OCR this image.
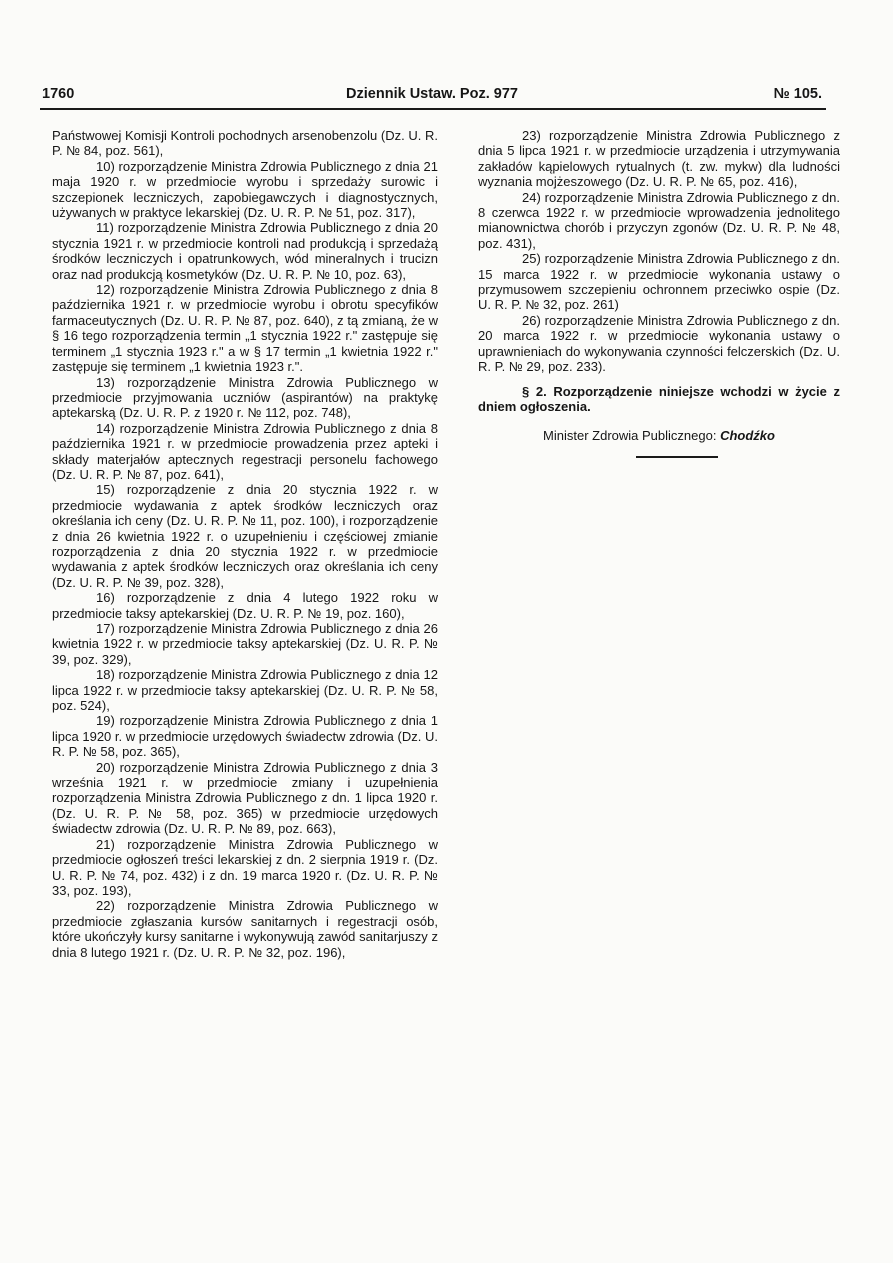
1760	Dziennik Ustaw. Poz. 977	№ 105.

Państwowej Komisji Kontroli pochodnych arsenobenzolu (Dz. U. R. P. № 84, poz. 561),

10) rozporządzenie Ministra Zdrowia Publicznego z dnia 21 maja 1920 r. w przedmiocie wyrobu i sprzedaży surowic i szczepionek leczniczych, zapobiegawczych i diagnostycznych, używanych w praktyce lekarskiej (Dz. U. R. P. № 51, poz. 317),

11) rozporządzenie Ministra Zdrowia Publicznego z dnia 20 stycznia 1921 r. w przedmiocie kontroli nad produkcją i sprzedażą środków leczniczych i opatrunkowych, wód mineralnych i trucizn oraz nad produkcją kosmetyków (Dz. U. R. P. № 10, poz. 63),

12) rozporządzenie Ministra Zdrowia Publicznego z dnia 8 października 1921 r. w przedmiocie wyrobu i obrotu specyfików farmaceutycznych (Dz. U. R. P. № 87, poz. 640), z tą zmianą, że w § 16 tego rozporządzenia termin „1 stycznia 1922 r." zastępuje się terminem „1 stycznia 1923 r." a w § 17 termin „1 kwietnia 1922 r." zastępuje się terminem „1 kwietnia 1923 r.".

13) rozporządzenie Ministra Zdrowia Publicznego w przedmiocie przyjmowania uczniów (aspirantów) na praktykę aptekarską (Dz. U. R. P. z 1920 r. № 112, poz. 748),

14) rozporządzenie Ministra Zdrowia Publicznego z dnia 8 października 1921 r. w przedmiocie prowadzenia przez apteki i składy materjałów aptecznych regestracji personelu fachowego (Dz. U. R. P. № 87, poz. 641),

15) rozporządzenie z dnia 20 stycznia 1922 r. w przedmiocie wydawania z aptek środków leczniczych oraz określania ich ceny (Dz. U. R. P. № 11, poz. 100), i rozporządzenie z dnia 26 kwietnia 1922 r. o uzupełnieniu i częściowej zmianie rozporządzenia z dnia 20 stycznia 1922 r. w przedmiocie wydawania z aptek środków leczniczych oraz określania ich ceny (Dz. U. R. P. № 39, poz. 328),

16) rozporządzenie z dnia 4 lutego 1922 roku w przedmiocie taksy aptekarskiej (Dz. U. R. P. № 19, poz. 160),

17) rozporządzenie Ministra Zdrowia Publicznego z dnia 26 kwietnia 1922 r. w przedmiocie taksy aptekarskiej (Dz. U. R. P. № 39, poz. 329),

18) rozporządzenie Ministra Zdrowia Publicznego z dnia 12 lipca 1922 r. w przedmiocie taksy aptekarskiej (Dz. U. R. P. № 58, poz. 524),

19) rozporządzenie Ministra Zdrowia Publicznego z dnia 1 lipca 1920 r. w przedmiocie urzędowych świadectw zdrowia (Dz. U. R. P. № 58, poz. 365),

20) rozporządzenie Ministra Zdrowia Publicznego z dnia 3 września 1921 r. w przedmiocie zmiany i uzupełnienia rozporządzenia Ministra Zdrowia Publicznego z dn. 1 lipca 1920 r. (Dz. U. R. P. № 58, poz. 365) w przedmiocie urzędowych świadectw zdrowia (Dz. U. R. P. № 89, poz. 663),

21) rozporządzenie Ministra Zdrowia Publicznego w przedmiocie ogłoszeń treści lekarskiej z dn. 2 sierpnia 1919 r. (Dz. U. R. P. № 74, poz. 432) i z dn. 19 marca 1920 r. (Dz. U. R. P. № 33, poz. 193),

22) rozporządzenie Ministra Zdrowia Publicznego w przedmiocie zgłaszania kursów sanitarnych i regestracji osób, które ukończyły kursy sanitarne i wykonywują zawód sanitarjuszy z dnia 8 lutego 1921 r. (Dz. U. R. P. № 32, poz. 196),

23) rozporządzenie Ministra Zdrowia Publicznego z dnia 5 lipca 1921 r. w przedmiocie urządzenia i utrzymywania zakładów kąpielowych rytualnych (t. zw. mykw) dla ludności wyznania mojżeszowego (Dz. U. R. P. № 65, poz. 416),

24) rozporządzenie Ministra Zdrowia Publicznego z dn. 8 czerwca 1922 r. w przedmiocie wprowadzenia jednolitego mianownictwa chorób i przyczyn zgonów (Dz. U. R. P. № 48, poz. 431),

25) rozporządzenie Ministra Zdrowia Publicznego z dn. 15 marca 1922 r. w przedmiocie wykonania ustawy o przymusowem szczepieniu ochronnem przeciwko ospie (Dz. U. R. P. № 32, poz. 261)

26) rozporządzenie Ministra Zdrowia Publicznego z dn. 20 marca 1922 r. w przedmiocie wykonania ustawy o uprawnieniach do wykonywania czynności felczerskich (Dz. U. R. P. № 29, poz. 233).

§ 2. Rozporządzenie niniejsze wchodzi w życie z dniem ogłoszenia.

Minister Zdrowia Publicznego: Chodźko
